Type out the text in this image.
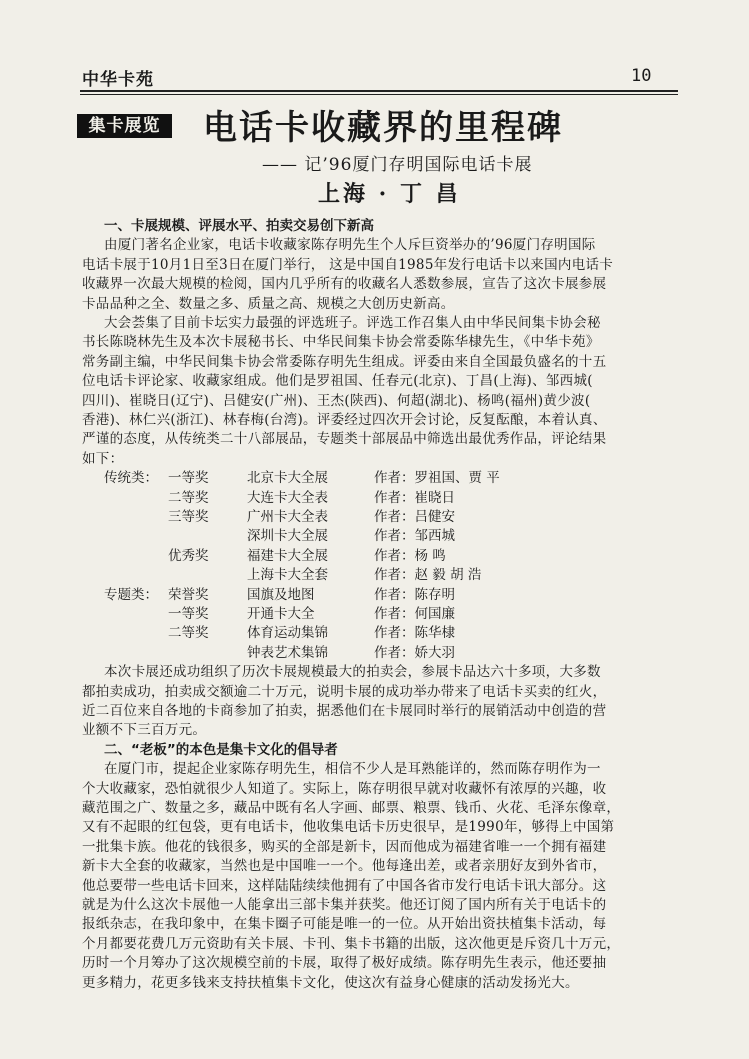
中华卡苑	10
集卡展览	电话卡收藏界的里程碑
—— 记’96厦门存明国际电话卡展
上海 · 丁 昌
一、卡展规模、评展水平、拍卖交易创下新高
由厦门著名企业家，电话卡收藏家陈存明先生个人斥巨资举办的’96厦门存明国际
电话卡展于10月1日至3日在厦门举行， 这是中国自1985年发行电话卡以来国内电话卡
收藏界一次最大规模的检阅，国内几乎所有的收藏名人悉数参展，宣告了这次卡展参展
卡品品种之全、数量之多、质量之高、规模之大创历史新高。
大会荟集了目前卡坛实力最强的评选班子。评选工作召集人由中华民间集卡协会秘
书长陈晓林先生及本次卡展秘书长、中华民间集卡协会常委陈华棣先生，《中华卡苑》
常务副主编，中华民间集卡协会常委陈存明先生组成。评委由来自全国最负盛名的十五
位电话卡评论家、收藏家组成。他们是罗祖国、任春元(北京)、丁昌(上海)、邹西城(
四川)、崔晓日(辽宁)、吕健安(广州)、王杰(陕西)、何超(湖北)、杨鸣(福州)黄少波(
香港)、林仁兴(浙江)、林春梅(台湾)。评委经过四次开会讨论，反复酝酿，本着认真、
严谨的态度，从传统类二十八部展品，专题类十部展品中筛选出最优秀作品，评论结果
如下：
传统类： 一等奖	北京卡大全展	作者：罗祖国、贾 平
二等奖	大连卡大全表	作者：崔晓日
三等奖	广州卡大全表	作者：吕健安
深圳卡大全展	作者：邹西城
优秀奖	福建卡大全展	作者：杨 鸣
上海卡大全套	作者：赵 毅 胡 浩
专题类： 荣誉奖	国旗及地图	作者：陈存明
一等奖	开通卡大全	作者：何国廉
二等奖	体育运动集锦	作者：陈华棣
钟表艺术集锦	作者：娇大羽
本次卡展还成功组织了历次卡展规模最大的拍卖会，参展卡品达六十多项，大多数
都拍卖成功，拍卖成交额逾二十万元，说明卡展的成功举办带来了电话卡买卖的红火，
近二百位来自各地的卡商参加了拍卖，据悉他们在卡展同时举行的展销活动中创造的营
业额不下三百万元。
二、“老板”的本色是集卡文化的倡导者
在厦门市，提起企业家陈存明先生，相信不少人是耳熟能详的，然而陈存明作为一
个大收藏家，恐怕就很少人知道了。实际上，陈存明很早就对收藏怀有浓厚的兴趣，收
藏范围之广、数量之多，藏品中既有名人字画、邮票、粮票、钱币、火花、毛泽东像章，
又有不起眼的红包袋，更有电话卡，他收集电话卡历史很早，是1990年，够得上中国第
一批集卡族。他花的钱很多，购买的全部是新卡，因而他成为福建省唯一一个拥有福建
新卡大全套的收藏家，当然也是中国唯一一个。他每逢出差，或者亲朋好友到外省市，
他总要带一些电话卡回来，这样陆陆续续他拥有了中国各省市发行电话卡讯大部分。这
就是为什么这次卡展他一人能拿出三部卡集并获奖。他还订阅了国内所有关于电话卡的
报纸杂志，在我印象中，在集卡圈子可能是唯一的一位。从开始出资扶植集卡活动，每
个月都要花费几万元资助有关卡展、卡刊、集卡书籍的出版，这次他更是斥资几十万元，
历时一个月筹办了这次规模空前的卡展，取得了极好成绩。陈存明先生表示，他还要抽
更多精力，花更多钱来支持扶植集卡文化，使这次有益身心健康的活动发扬光大。
